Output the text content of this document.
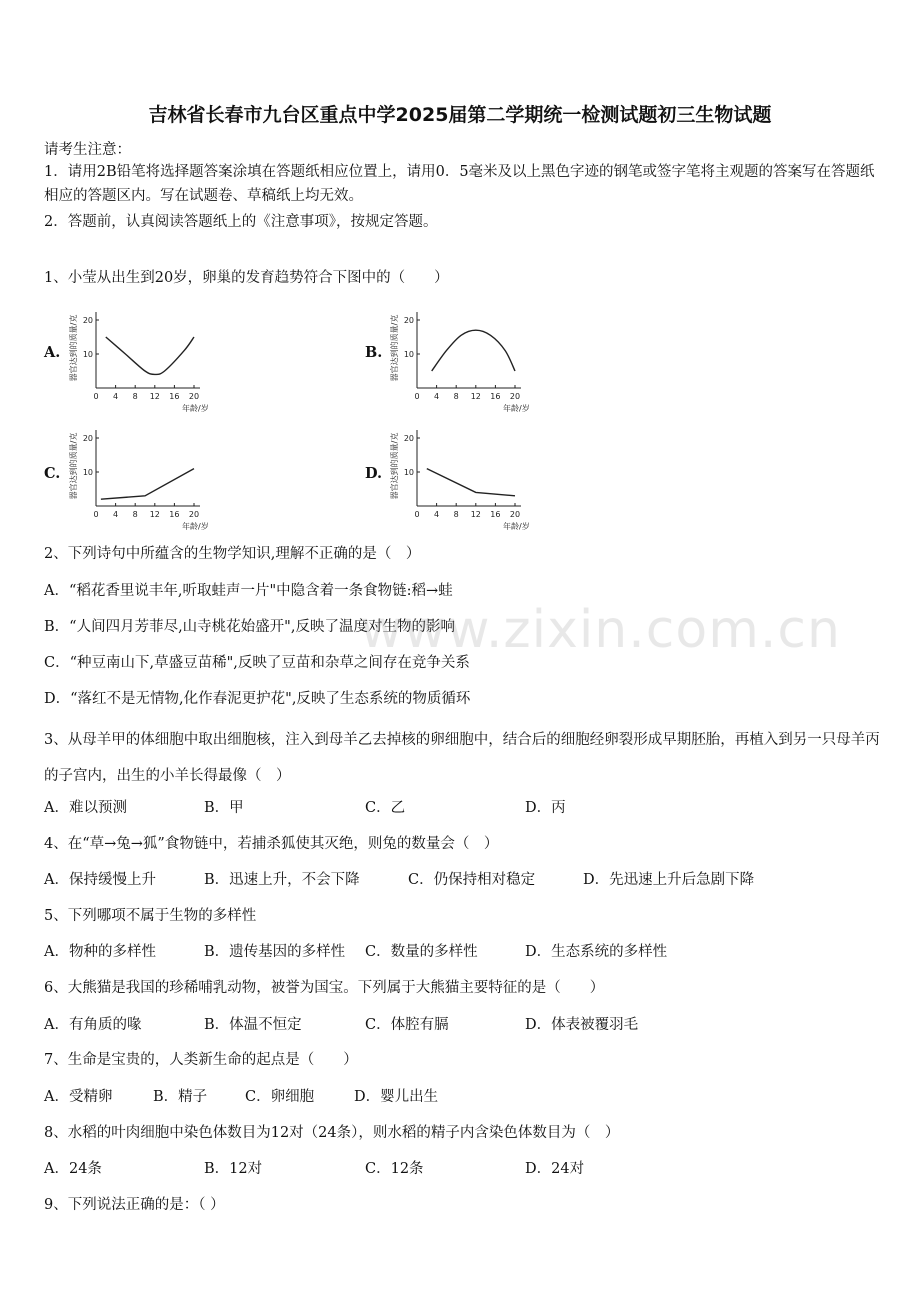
吉林省长春市九台区重点中学2025届第二学期统一检测试题初三生物试题
请考生注意：
1．请用2B铅笔将选择题答案涂填在答题纸相应位置上，请用0．5毫米及以上黑色字迹的钢笔或签字笔将主观题的答案写在答题纸相应的答题区内。写在试题卷、草稿纸上均无效。
2．答题前，认真阅读答题纸上的《注意事项》，按规定答题。
1、小莹从出生到20岁，卵巢的发育趋势符合下图中的（　　）
A.	B.
C.	D.
0 4 8 12 16 20
10
20
年龄/岁
器官达到的质量/克
0 4 8 12 16 20
10
20
年龄/岁
器官达到的质量/克
0 4 8 12 16 20
10
20
年龄/岁
器官达到的质量/克
0 4 8 12 16 20
10
20
年龄/岁
器官达到的质量/克
2、下列诗句中所蕴含的生物学知识,理解不正确的是（　）
A．“稻花香里说丰年,听取蛙声一片"中隐含着一条食物链:稻→蛙
B．“人间四月芳菲尽,山寺桃花始盛开",反映了温度对生物的影响
C．“种豆南山下,草盛豆苗稀",反映了豆苗和杂草之间存在竞争关系
D．“落红不是无情物,化作春泥更护花",反映了生态系统的物质循环
3、从母羊甲的体细胞中取出细胞核，注入到母羊乙去掉核的卵细胞中，结合后的细胞经卵裂形成早期胚胎，再植入到另一只母羊丙的子宫内，出生的小羊长得最像（　）
A．难以预测	B．甲	C．乙	D．丙
4、在“草→兔→狐”食物链中，若捕杀狐使其灭绝，则兔的数量会（　）
A．保持缓慢上升	B．迅速上升，不会下降	C．仍保持相对稳定	D．先迅速上升后急剧下降
5、下列哪项不属于生物的多样性
A．物种的多样性	B．遗传基因的多样性 C．数量的多样性	D．生态系统的多样性
6、大熊猫是我国的珍稀哺乳动物，被誉为国宝。下列属于大熊猫主要特征的是（　　）
A．有角质的喙	B．体温不恒定	C．体腔有膈	D．体表被覆羽毛
7、生命是宝贵的，人类新生命的起点是（　　）
A．受精卵	B．精子	C．卵细胞	D．婴儿出生
8、水稻的叶肉细胞中染色体数目为12对（24条），则水稻的精子内含染色体数目为（　）
A．24条	B．12对	C．12条	D．24对
9、下列说法正确的是：（ ）
www.zixin.com.cn
